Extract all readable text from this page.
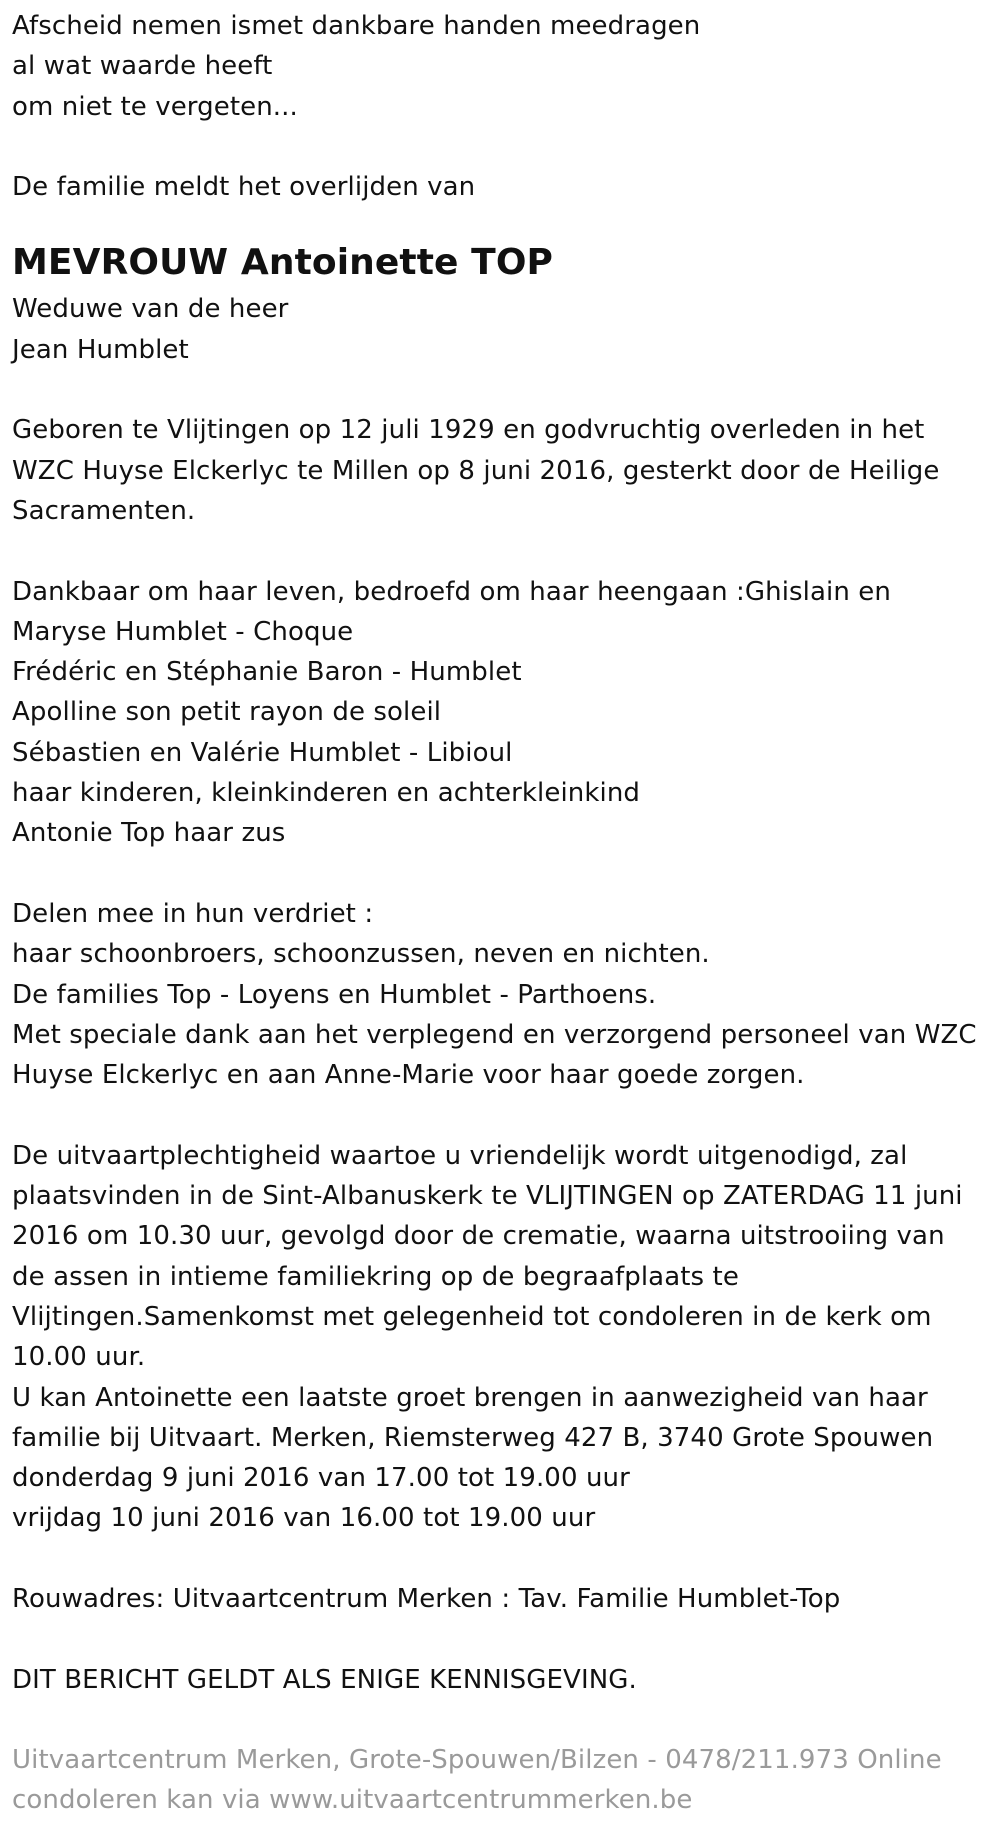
Afscheid nemen ismet dankbare handen meedragen
al wat waarde heeft
om niet te vergeten...
De familie meldt het overlijden van
MEVROUW Antoinette TOP
Weduwe van de heer
Jean Humblet
Geboren te Vlijtingen op 12 juli 1929 en godvruchtig overleden in het
WZC Huyse Elckerlyc te Millen op 8 juni 2016, gesterkt door de Heilige
Sacramenten.
Dankbaar om haar leven, bedroefd om haar heengaan :Ghislain en
Maryse Humblet - Choque
Frédéric en Stéphanie Baron - Humblet
Apolline son petit rayon de soleil
Sébastien en Valérie Humblet - Libioul
haar kinderen, kleinkinderen en achterkleinkind
Antonie Top haar zus
Delen mee in hun verdriet :
haar schoonbroers, schoonzussen, neven en nichten.
De families Top - Loyens en Humblet - Parthoens.
Met speciale dank aan het verplegend en verzorgend personeel van WZC
Huyse Elckerlyc en aan Anne-Marie voor haar goede zorgen.
De uitvaartplechtigheid waartoe u vriendelijk wordt uitgenodigd, zal
plaatsvinden in de Sint-Albanuskerk te VLIJTINGEN op ZATERDAG 11 juni
2016 om 10.30 uur, gevolgd door de crematie, waarna uitstrooiing van
de assen in intieme familiekring op de begraafplaats te
Vlijtingen.Samenkomst met gelegenheid tot condoleren in de kerk om
10.00 uur.
U kan Antoinette een laatste groet brengen in aanwezigheid van haar
familie bij Uitvaart. Merken, Riemsterweg 427 B, 3740 Grote Spouwen
donderdag 9 juni 2016 van 17.00 tot 19.00 uur
vrijdag 10 juni 2016 van 16.00 tot 19.00 uur
Rouwadres: Uitvaartcentrum Merken : Tav. Familie Humblet-Top
DIT BERICHT GELDT ALS ENIGE KENNISGEVING.
Uitvaartcentrum Merken, Grote-Spouwen/Bilzen - 0478/211.973 Online
condoleren kan via www.uitvaartcentrummerken.be
